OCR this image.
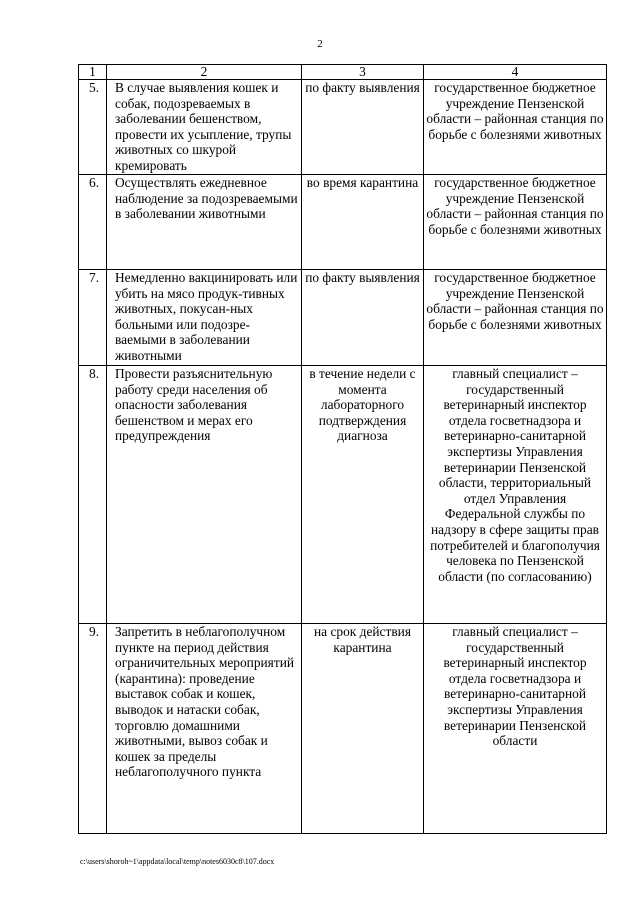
2
1	2	3	4
5.	В случае выявления кошек и собак, подозреваемых в заболевании бешенством, провести их усыпление, трупы животных со шкурой кремировать	по факту выявления	государственное бюджетное учреждение Пензенской области – районная станция по борьбе с болезнями животных

6.	Осуществлять ежедневное наблюдение за подозреваемыми в заболевании животными	во время карантина	государственное бюджетное учреждение Пензенской области – районная станция по борьбе с болезнями животных

7.	Немедленно вакцинировать или убить на мясо продук-тивных животных, покусан-ных больными или подозре-ваемыми в заболевании животными	по факту выявления	государственное бюджетное учреждение Пензенской области – районная станция по борьбе с болезнями животных

8.	Провести разъяснительную работу среди населения об опасности заболевания бешенством и мерах его предупреждения	в течение недели с момента лабораторного подтверждения диагноза	главный специалист – государственный ветеринарный инспектор отдела госветнадзора и ветеринарно-санитарной экспертизы Управления ветеринарии Пензенской области, территориальный отдел Управления Федеральной службы по надзору в сфере защиты прав потребителей и благополучия человека по Пензенской области (по согласованию)
9.	Запретить в неблагополучном пункте на период действия ограничительных мероприятий (карантина): проведение выставок собак и кошек, выводок и натаски собак, торговлю домашними животными, вывоз собак и кошек за пределы неблагополучного пункта	на срок действия карантина	главный специалист – государственный ветеринарный инспектор отдела госветнадзора и ветеринарно-санитарной экспертизы Управления ветеринарии Пензенской области
c:\users\shoroh~1\appdata\local\temp\notes6030c8\107.docx
